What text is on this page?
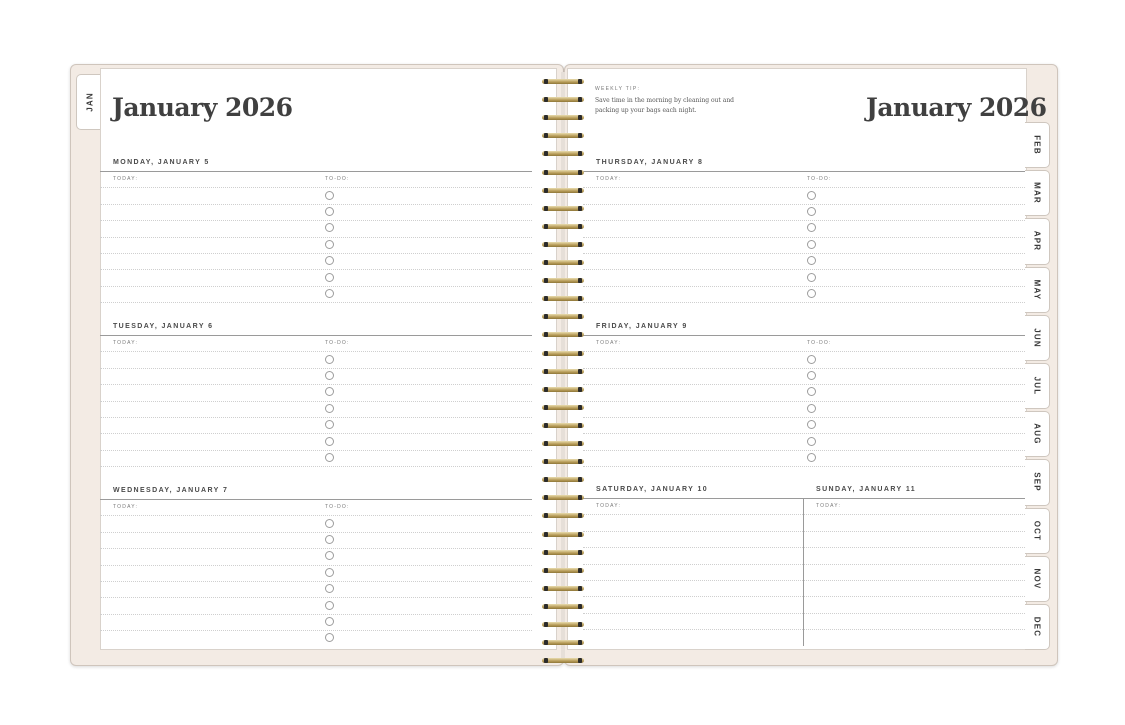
JAN January 2026
MONDAY, JANUARY 5
TODAY:	TO-DO:
TUESDAY, JANUARY 6
TODAY:	TO-DO:
WEDNESDAY, JANUARY 7
TODAY:	TO-DO:
WEEKLY TIP:
Save time in the morning by cleaning out and packing up your bags each night.	January 2026
THURSDAY, JANUARY 8
TODAY:	TO-DO:
FRIDAY, JANUARY 9
TODAY:	TO-DO:
SATURDAY, JANUARY 10
TODAY:
SUNDAY, JANUARY 11
TODAY:
FEB
MAR
APR
MAY
JUN
JUL
AUG
SEP
OCT
NOV
DEC
